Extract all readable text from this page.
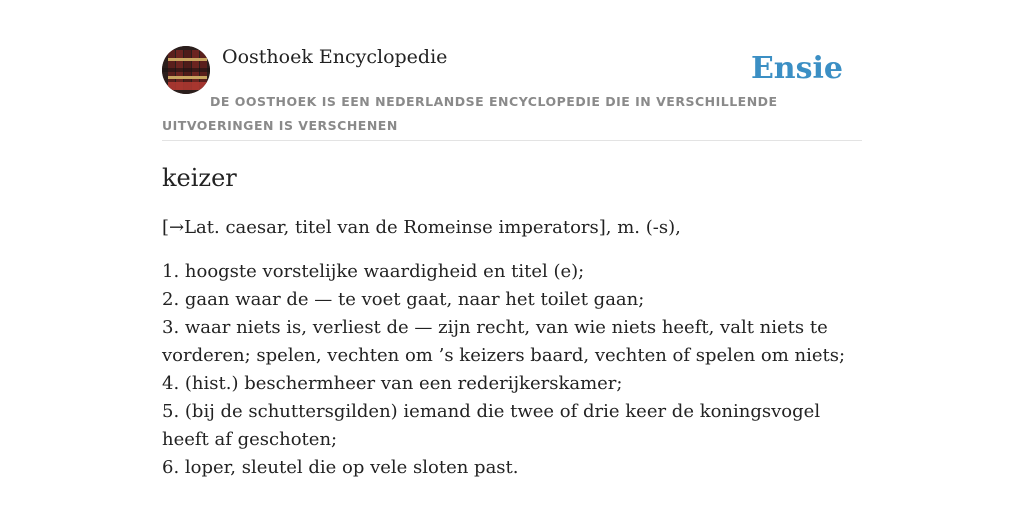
Oosthoek Encyclopedie	Ensie
DE OOSTHOEK IS EEN NEDERLANDSE ENCYCLOPEDIE DIE IN VERSCHILLENDE UITVOERINGEN IS VERSCHENEN
keizer

[→Lat. caesar, titel van de Romeinse imperators], m. (-s),

1. hoogste vorstelijke waardigheid en titel (e);
2. gaan waar de — te voet gaat, naar het toilet gaan;
3. waar niets is, verliest de — zijn recht, van wie niets heeft, valt niets te vorderen; spelen, vechten om ’s keizers baard, vechten of spelen om niets;
4. (hist.) beschermheer van een rederijkerskamer;
5. (bij de schuttersgilden) iemand die twee of drie keer de koningsvogel heeft af geschoten;
6. loper, sleutel die op vele sloten past.
